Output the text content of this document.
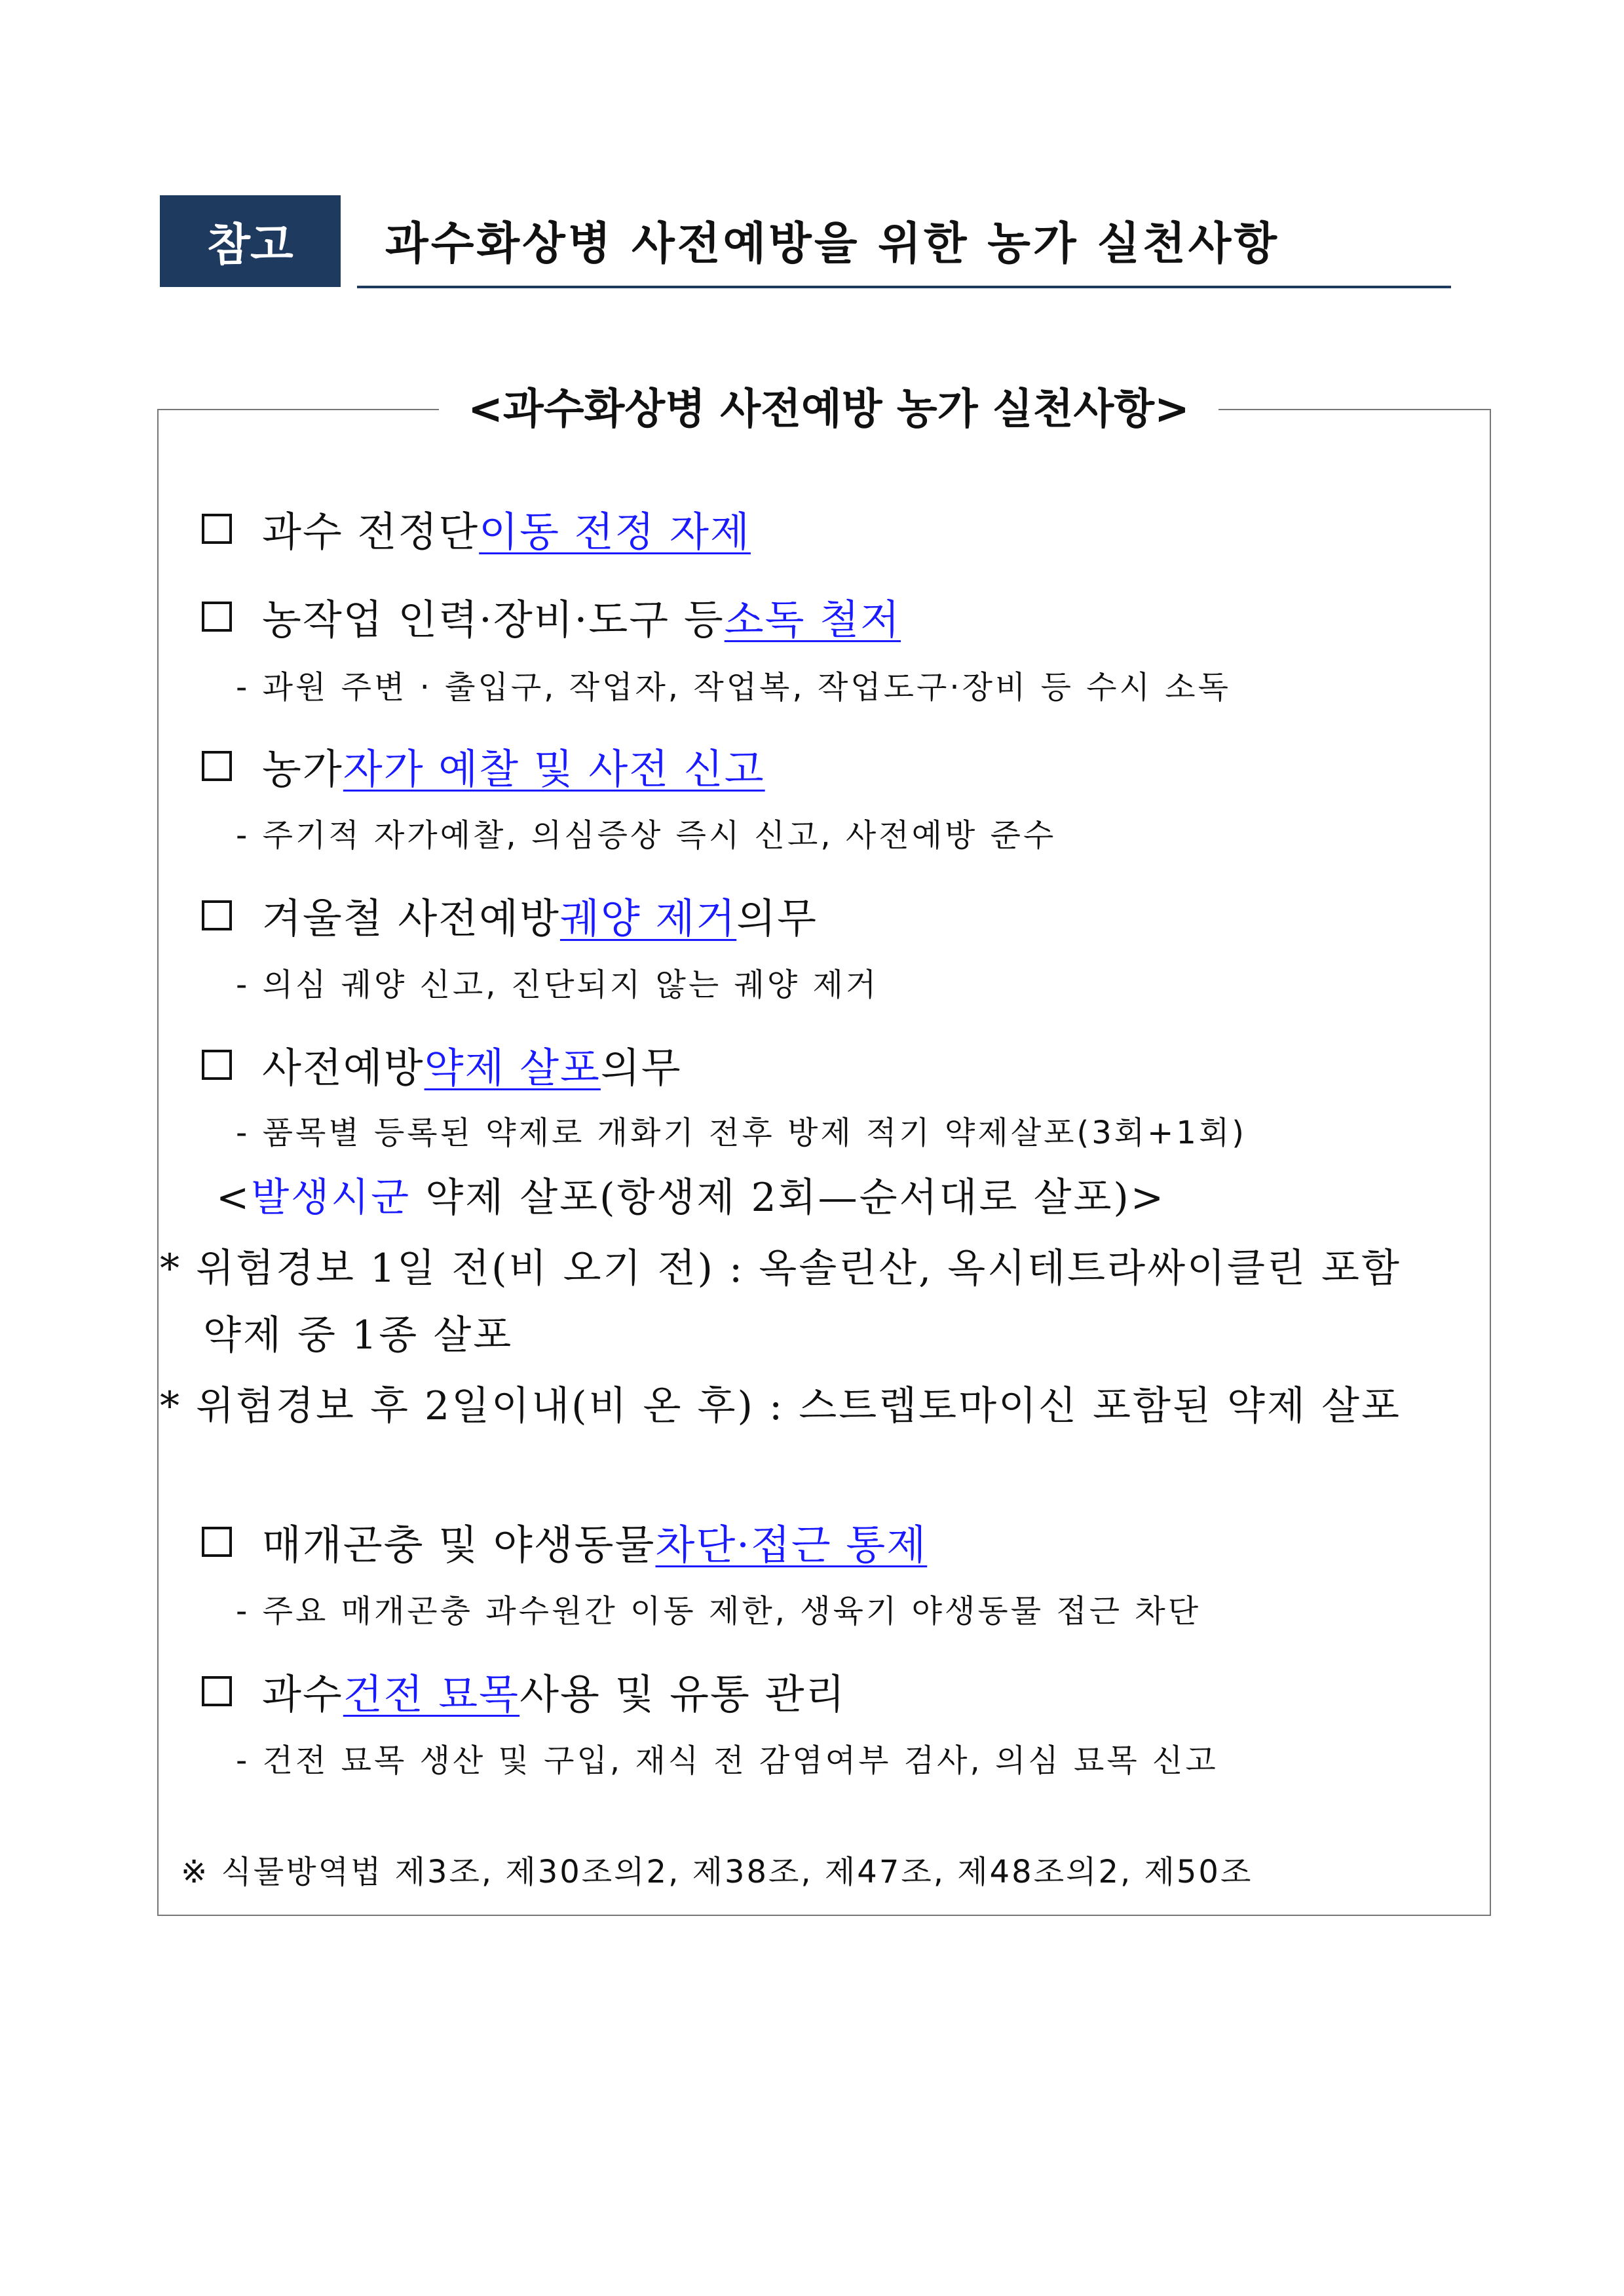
참고	과수화상병 사전예방을 위한 농가 실천사항
<과수화상병 사전예방 농가 실천사항>
과수 전정단 이동 전정 자제
농작업 인력·장비·도구 등 소독 철저
- 과원 주변 · 출입구, 작업자, 작업복, 작업도구·장비 등 수시 소독
농가 자가 예찰 및 사전 신고
- 주기적 자가예찰, 의심증상 즉시 신고, 사전예방 준수
겨울철 사전예방 궤양 제거 의무
- 의심 궤양 신고, 진단되지 않는 궤양 제거
사전예방 약제 살포 의무
- 품목별 등록된 약제로 개화기 전후 방제 적기 약제살포(3회+1회)
<발생시군 약제 살포(항생제 2회—순서대로 살포)>
* 위험경보 1일 전(비 오기 전) : 옥솔린산, 옥시테트라싸이클린 포함
약제 중 1종 살포
* 위험경보 후 2일이내(비 온 후) : 스트렙토마이신 포함된 약제 살포
매개곤충 및 야생동물 차단·접근 통제
- 주요 매개곤충 과수원간 이동 제한, 생육기 야생동물 접근 차단
과수 건전 묘목 사용 및 유통 관리
- 건전 묘목 생산 및 구입, 재식 전 감염여부 검사, 의심 묘목 신고
※ 식물방역법 제3조, 제30조의2, 제38조, 제47조, 제48조의2, 제50조
